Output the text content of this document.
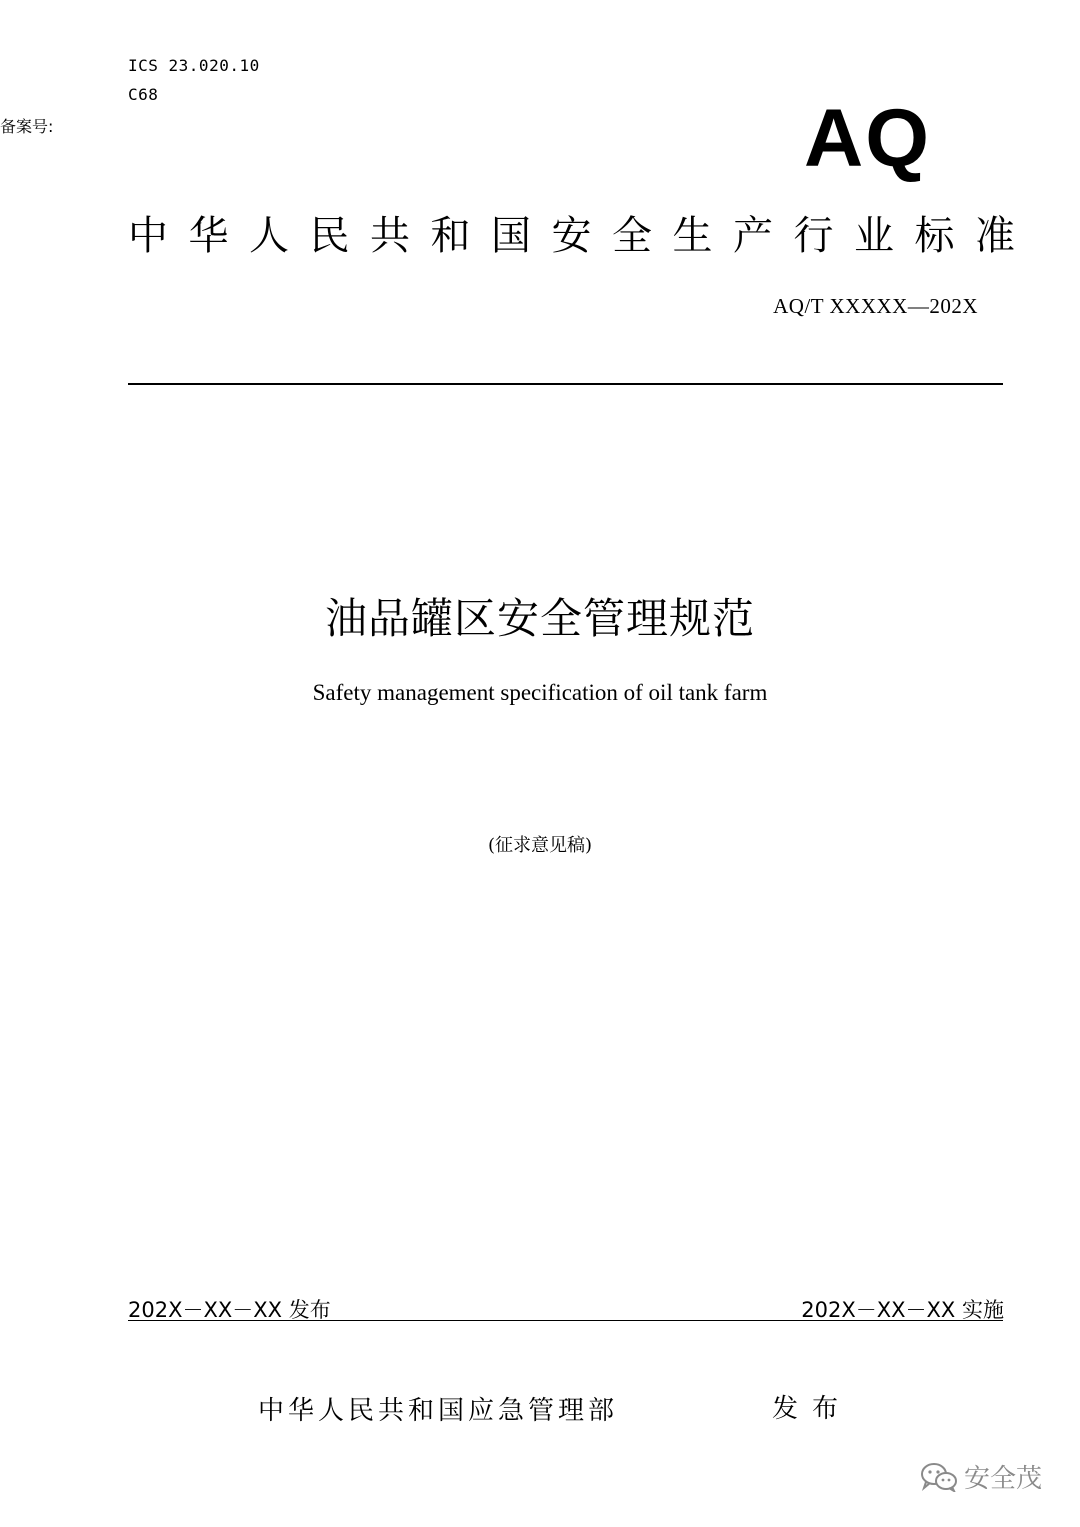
ICS 23.020.10
C68
备案号:	AQ
中华人民共和国安全生产行业标准
AQ/T XXXXX—202X
油品罐区安全管理规范
Safety management specification of oil tank farm
(征求意见稿)
202X－XX－XX 发布	202X－XX－XX 实施
中华人民共和国应急管理部	发布
安全茂
